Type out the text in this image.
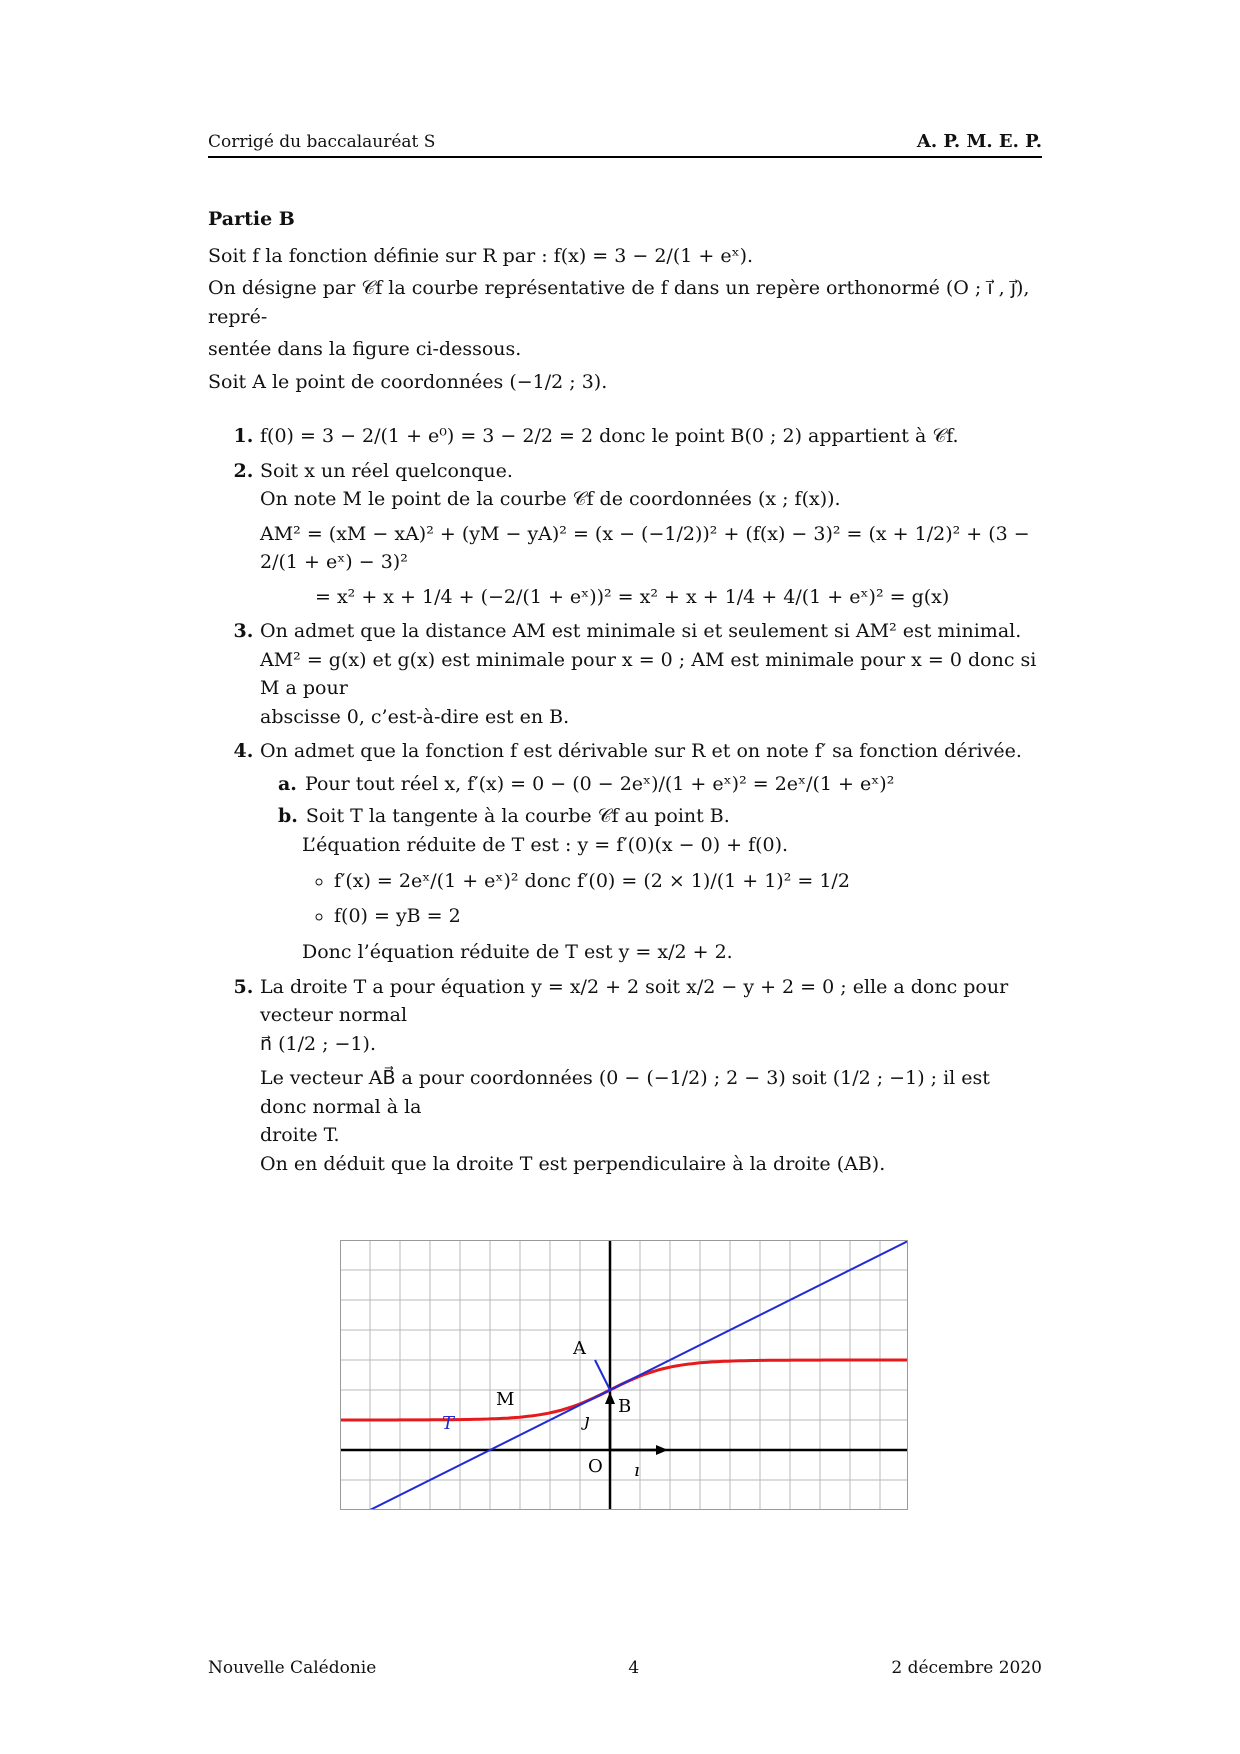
Corrigé du baccalauréat S	A. P. M. E. P.
Partie B

Soit f la fonction définie sur R par : f(x) = 3 − 2/(1 + eˣ).

On désigne par 𝒞f la courbe représentative de f dans un repère orthonormé (O ; i⃗ , j⃗), repré-

sentée dans la figure ci-dessous.

Soit A le point de coordonnées (−1/2 ; 3).

1. f(0) = 3 − 2/(1 + e⁰) = 3 − 2/2 = 2 donc le point B(0 ; 2) appartient à 𝒞f.
2. Soit x un réel quelconque.
On note M le point de la courbe 𝒞f de coordonnées (x ; f(x)).
AM² = (xM − xA)² + (yM − yA)² = (x − (−1/2))² + (f(x) − 3)² = (x + 1/2)² + (3 − 2/(1 + eˣ) − 3)²
= x² + x + 1/4 + (−2/(1 + eˣ))² = x² + x + 1/4 + 4/(1 + eˣ)² = g(x)
3. On admet que la distance AM est minimale si et seulement si AM² est minimal.
AM² = g(x) et g(x) est minimale pour x = 0 ; AM est minimale pour x = 0 donc si M a pour
abscisse 0, c’est-à-dire est en B.
4. On admet que la fonction f est dérivable sur R et on note f′ sa fonction dérivée.
a. Pour tout réel x, f′(x) = 0 − (0 − 2eˣ)/(1 + eˣ)² = 2eˣ/(1 + eˣ)²
b. Soit T la tangente à la courbe 𝒞f au point B.
L’équation réduite de T est : y = f′(0)(x − 0) + f(0).
◦ f′(x) = 2eˣ/(1 + eˣ)² donc f′(0) = (2 × 1)/(1 + 1)² = 1/2
◦ f(0) = yB = 2
Donc l’équation réduite de T est y = x/2 + 2.
5. La droite T a pour équation y = x/2 + 2 soit x/2 − y + 2 = 0 ; elle a donc pour vecteur normal
n⃗ (1/2 ; −1).
Le vecteur AB⃗ a pour coordonnées (0 − (−1/2) ; 2 − 3) soit (1/2 ; −1) ; il est donc normal à la
droite T.
On en déduit que la droite T est perpendiculaire à la droite (AB).
A
B
M
T
O ı
ȷ
Nouvelle Calédonie	4	2 décembre 2020
